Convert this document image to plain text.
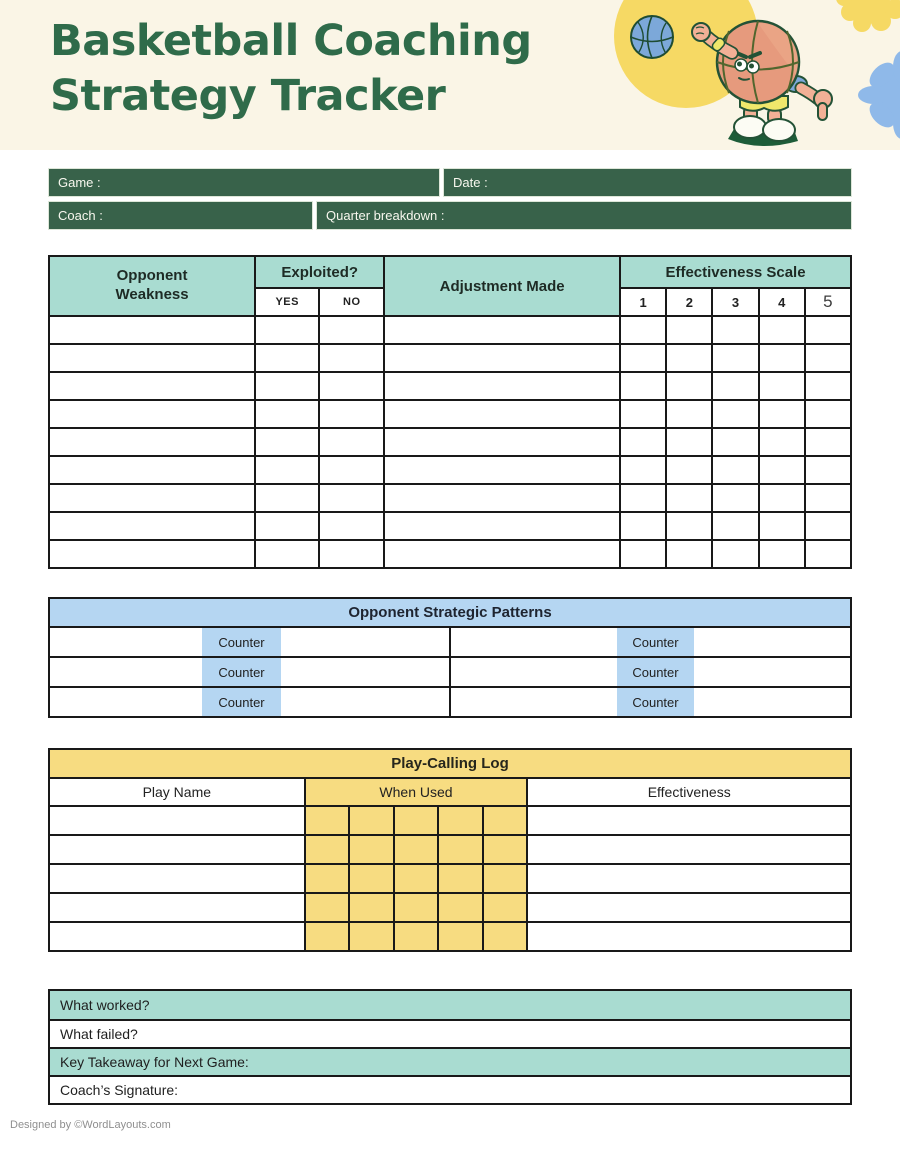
Basketball Coaching Strategy Tracker
Game :	Date :
Coach :	Quarter breakdown :
Opponent Weakness	Exploited?		Adjustment Made	Effectiveness Scale				
	YES	NO		1	2	3	4	5

Opponent Strategic Patterns
Counter	Counter
Counter	Counter
Counter	Counter
Play-Calling Log
Play Name	When Used	Effectiveness
What worked?
What failed?
Key Takeaway for Next Game:
Coach’s Signature:
Designed by ©WordLayouts.com
